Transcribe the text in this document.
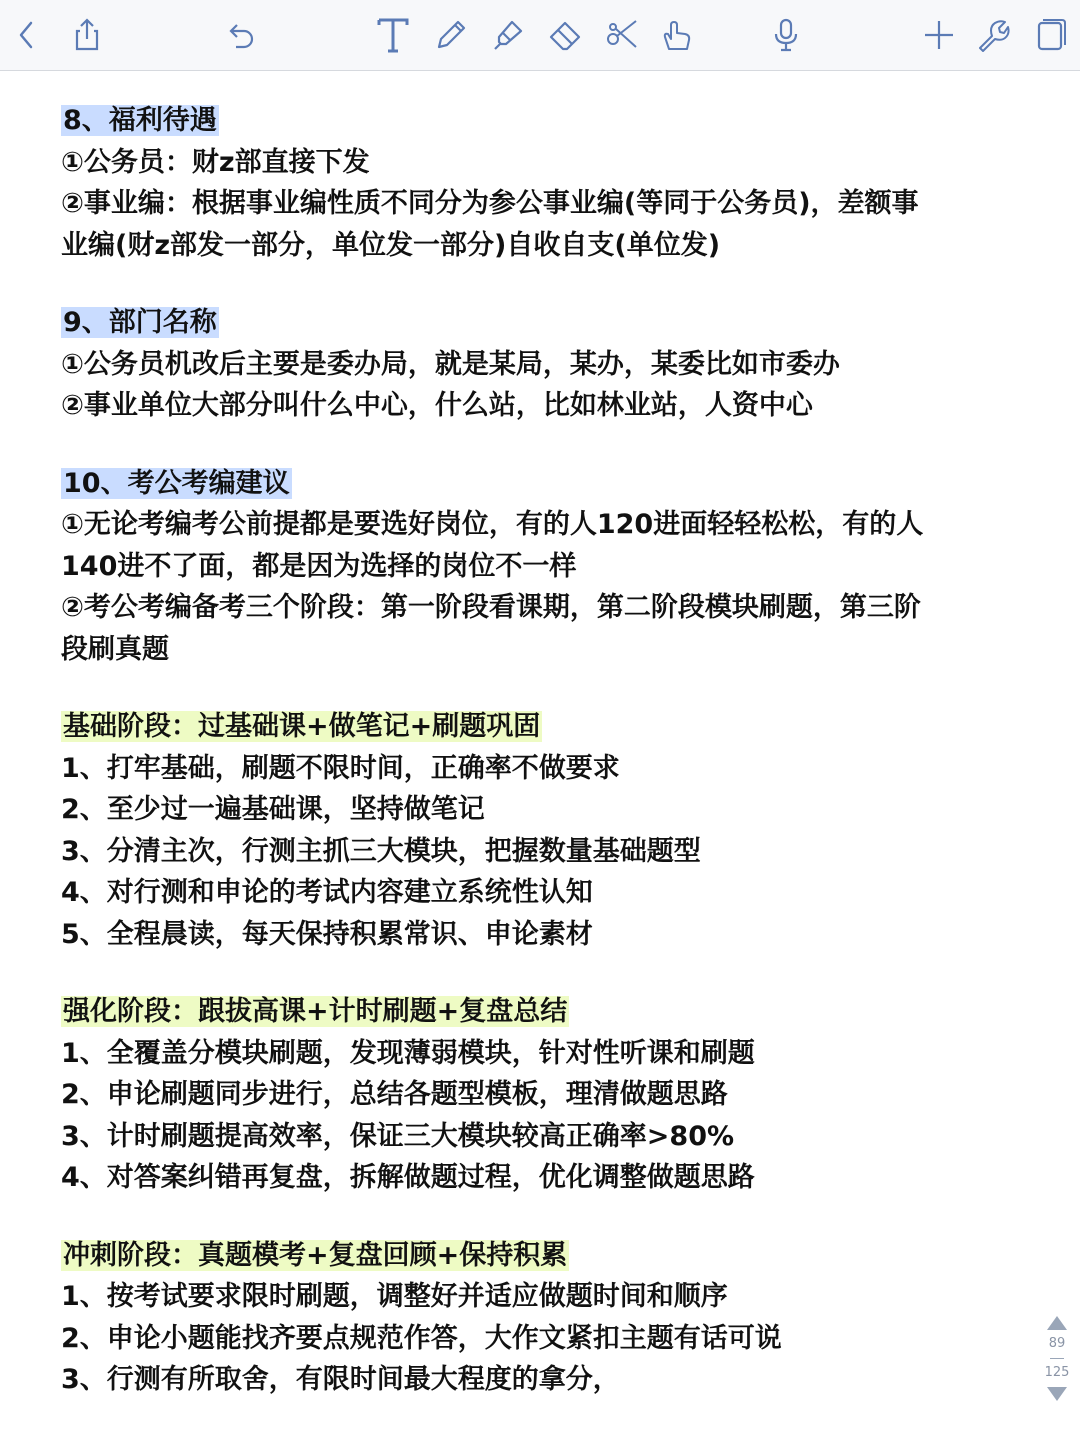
8、福利待遇

①公务员：财z部直接下发

②事业编：根据事业编性质不同分为参公事业编(等同于公务员)，差额事

业编(财z部发一部分，单位发一部分)自收自支(单位发)

9、部门名称

①公务员机改后主要是委办局，就是某局，某办，某委比如市委办

②事业单位大部分叫什么中心，什么站，比如林业站，人资中心

10、考公考编建议

①无论考编考公前提都是要选好岗位，有的人120进面轻轻松松，有的人

140进不了面，都是因为选择的岗位不一样

②考公考编备考三个阶段：第一阶段看课期，第二阶段模块刷题，第三阶

段刷真题

基础阶段：过基础课+做笔记+刷题巩固

1、打牢基础，刷题不限时间，正确率不做要求

2、至少过一遍基础课，坚持做笔记

3、分清主次，行测主抓三大模块，把握数量基础题型

4、对行测和申论的考试内容建立系统性认知

5、全程晨读，每天保持积累常识、申论素材

强化阶段：跟拔高课+计时刷题+复盘总结

1、全覆盖分模块刷题，发现薄弱模块，针对性听课和刷题

2、申论刷题同步进行，总结各题型模板，理清做题思路

3、计时刷题提高效率，保证三大模块较高正确率>80%

4、对答案纠错再复盘，拆解做题过程，优化调整做题思路

冲刺阶段：真题模考+复盘回顾+保持积累

1、按考试要求限时刷题，调整好并适应做题时间和顺序

2、申论小题能找齐要点规范作答，大作文紧扣主题有话可说

3、行测有所取舍，有限时间最大程度的拿分，

89
125
